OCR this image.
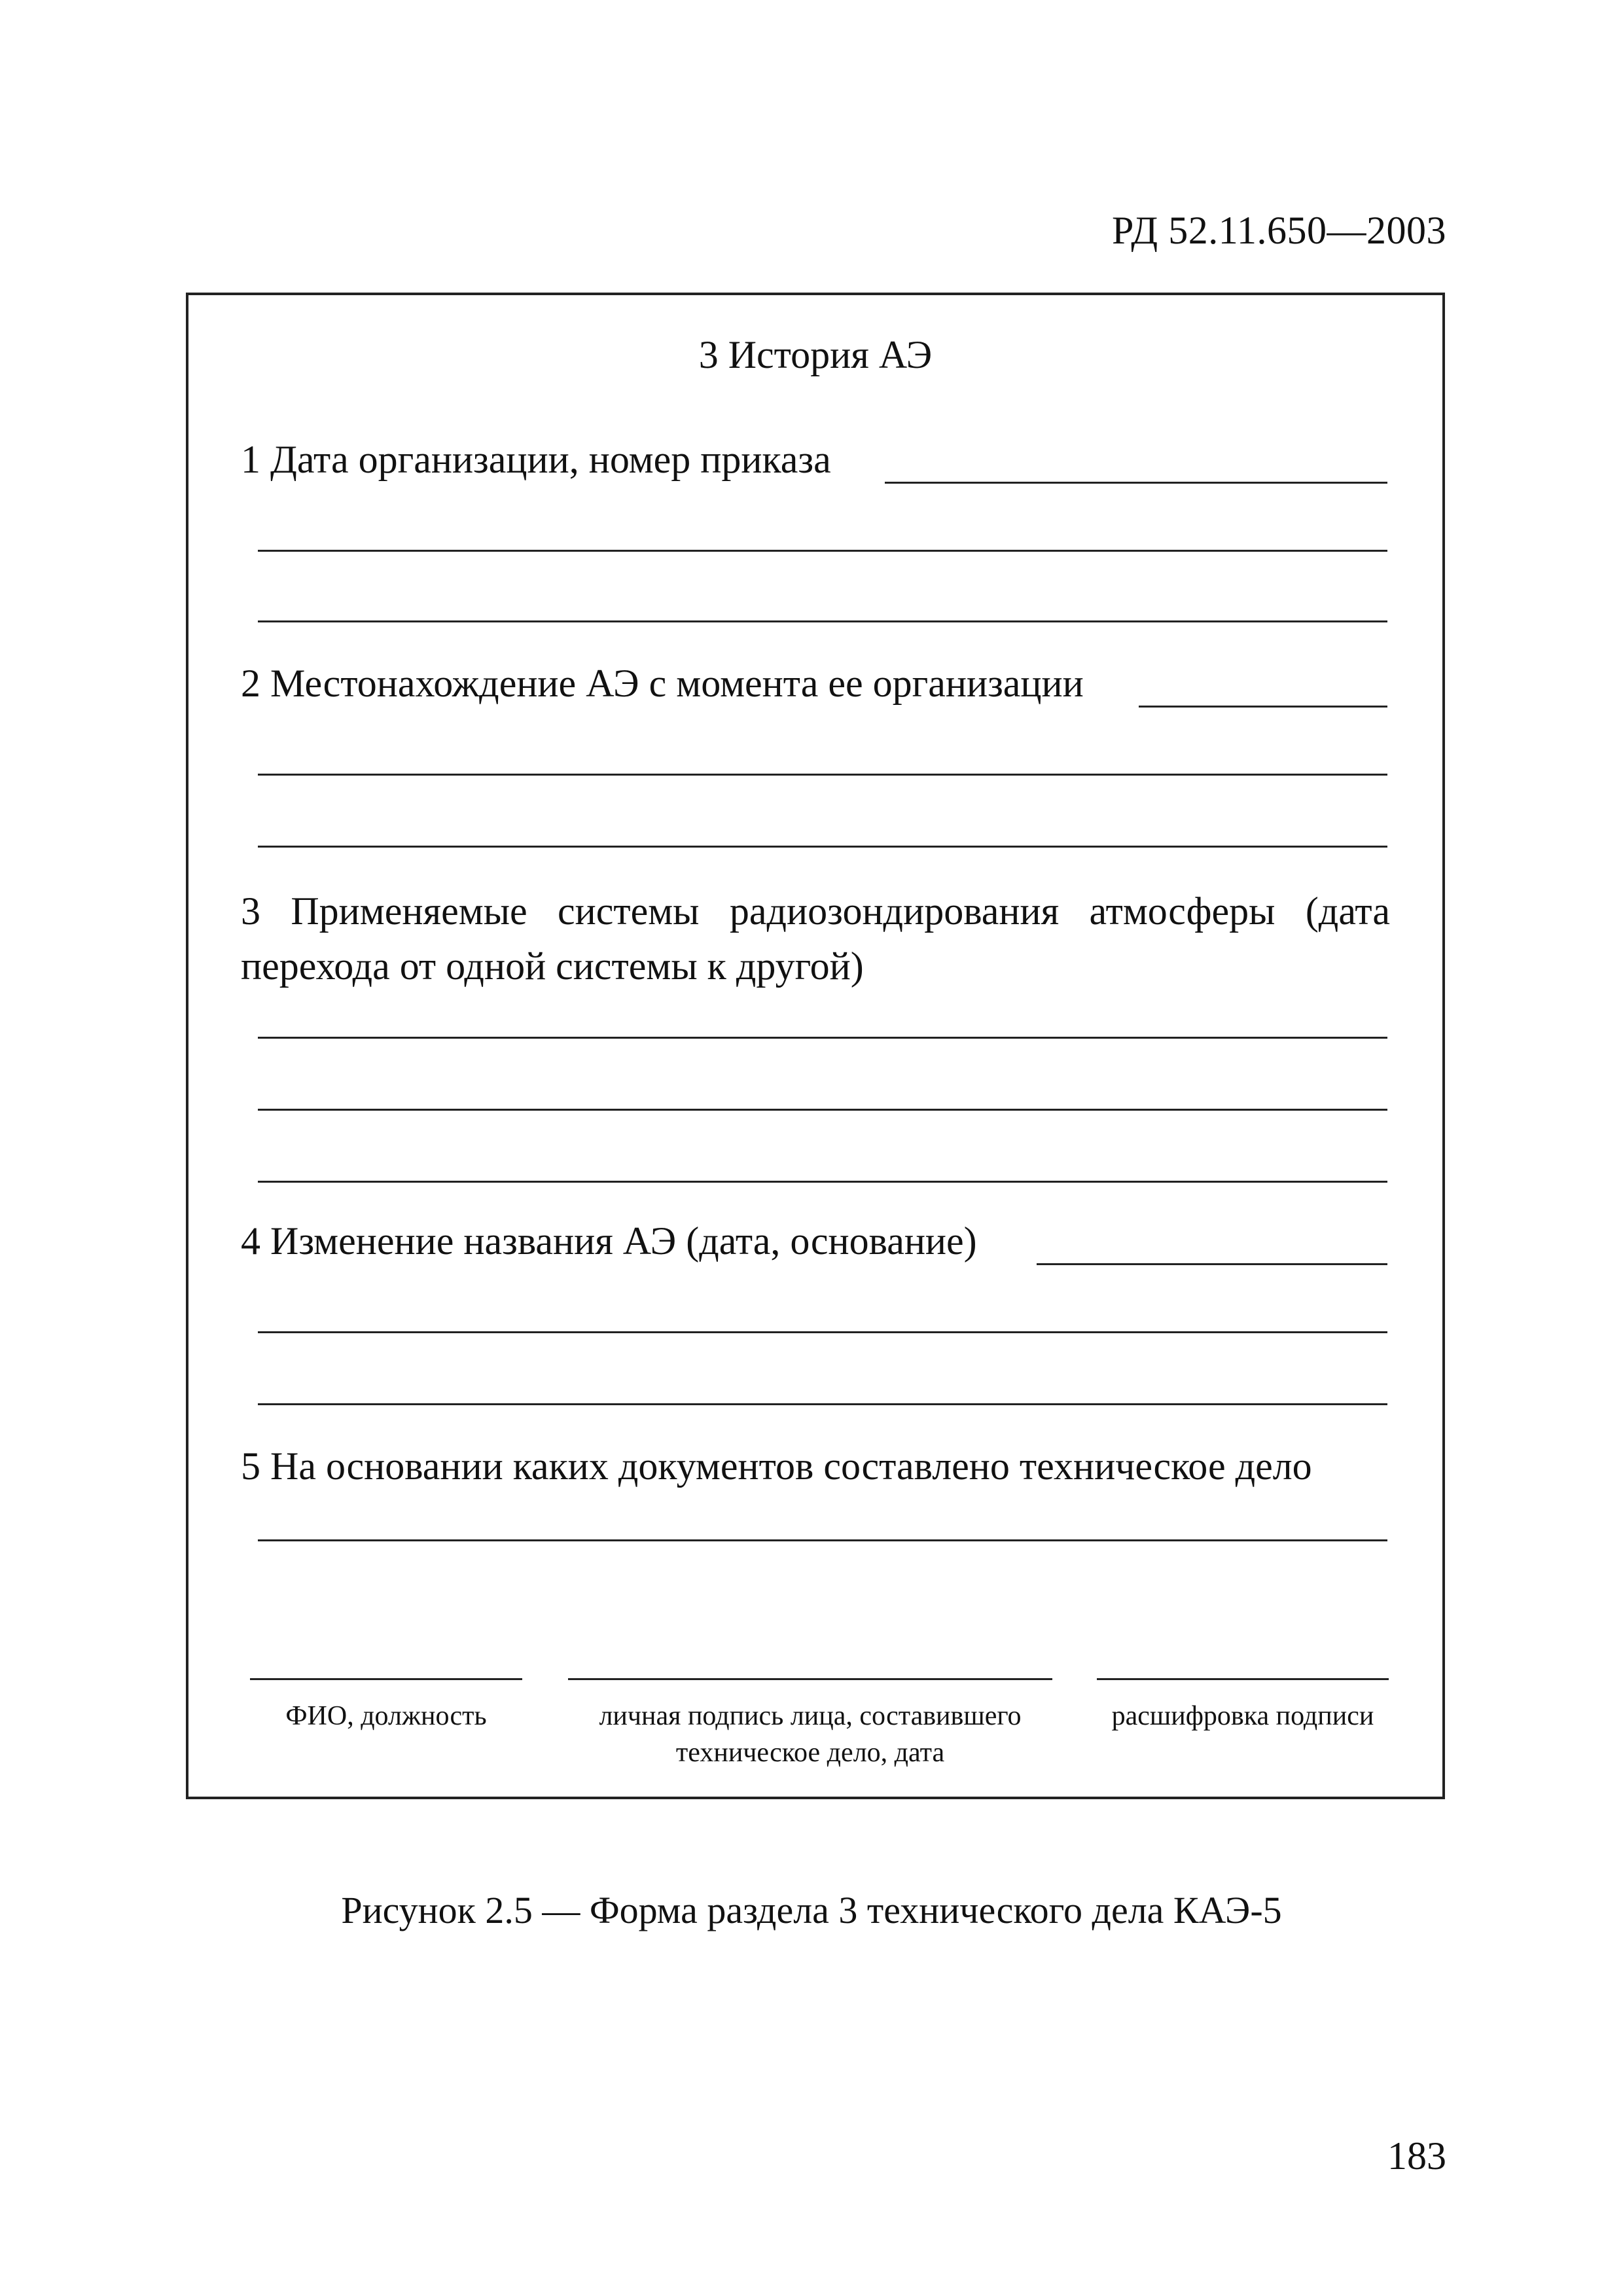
РД 52.11.650—2003
3 История АЭ
1 Дата организации, номер приказа
2 Местонахождение АЭ с момента ее организации
3 Применяемые системы радиозондирования атмосферы (дата перехода от одной системы к другой)
4 Изменение названия АЭ (дата, основание)
5 На основании каких документов составлено техническое дело
ФИО, должность	личная подпись лица, составившего техническое дело, дата
расшифровка подписи
Рисунок 2.5 — Форма раздела 3 технического дела КАЭ-5
183
